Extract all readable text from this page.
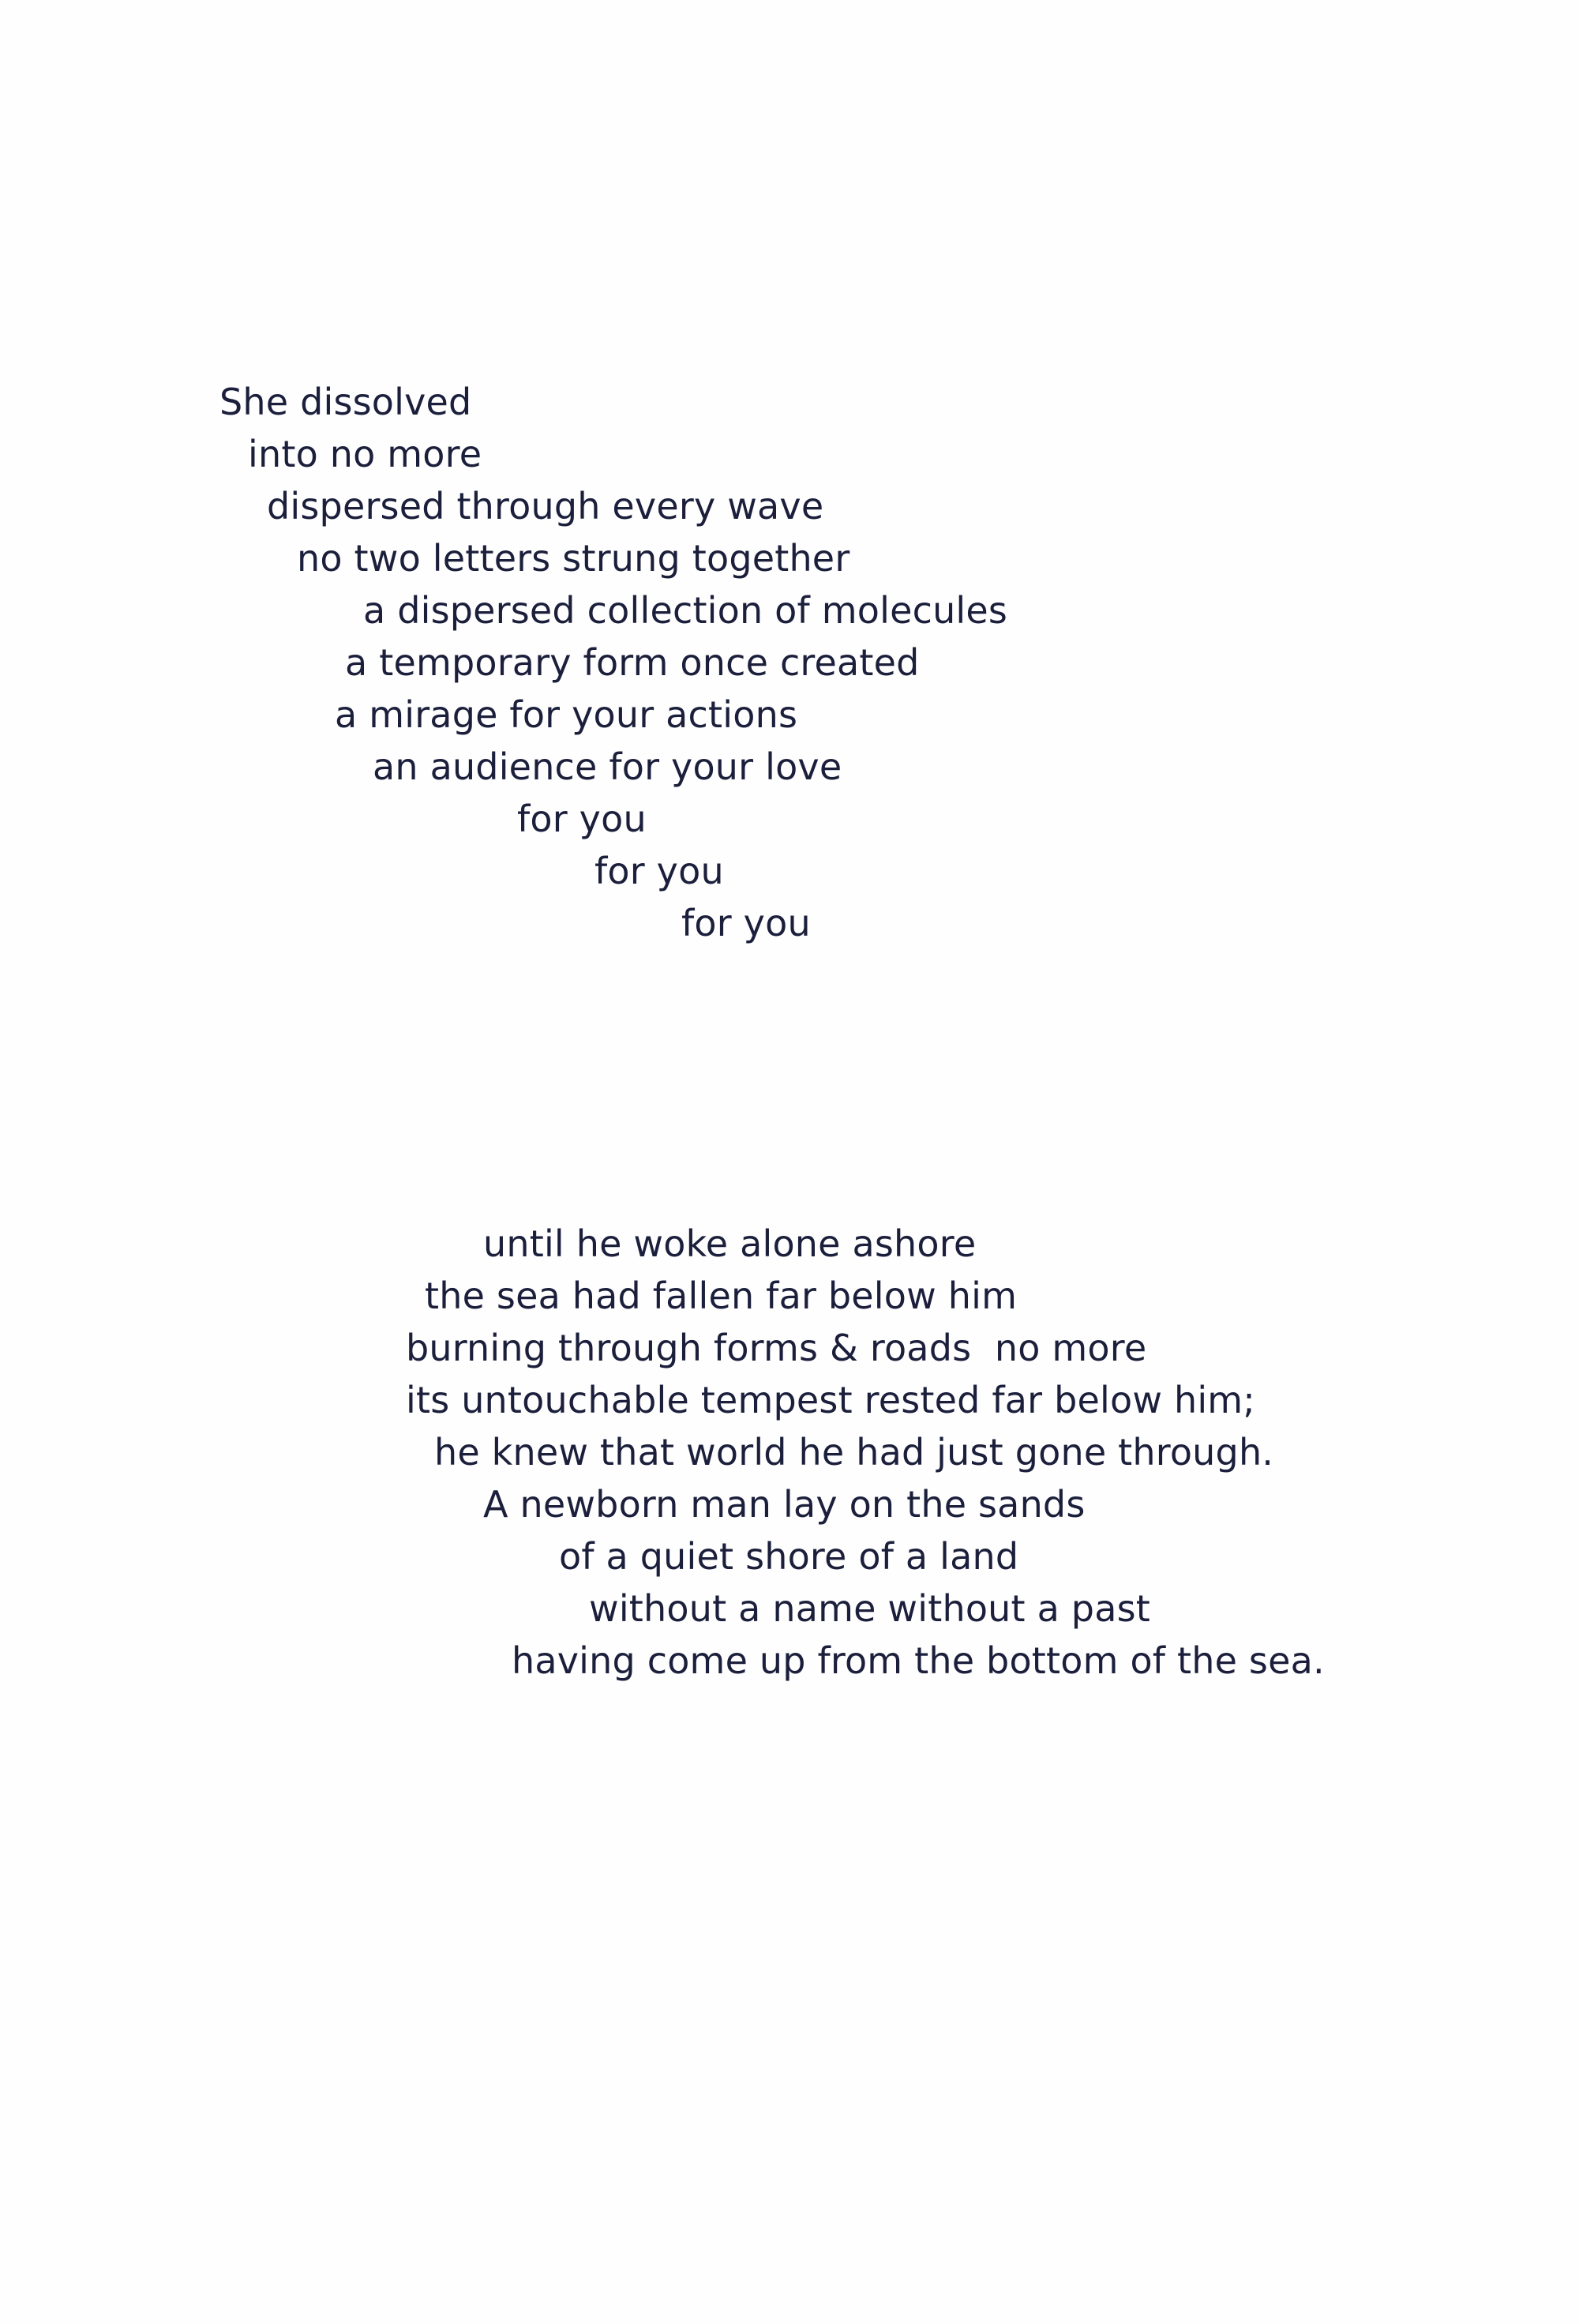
She dissolved
into no more
dispersed through every wave
no two letters strung together
a dispersed collection of molecules
a temporary form once created
a mirage for your actions
an audience for your love
for you
for you
for you
until he woke alone ashore
the sea had fallen far below him
burning through forms & roads  no more
its untouchable tempest rested far below him;
he knew that world he had just gone through.
A newborn man lay on the sands
of a quiet shore of a land
without a name without a past
having come up from the bottom of the sea.
